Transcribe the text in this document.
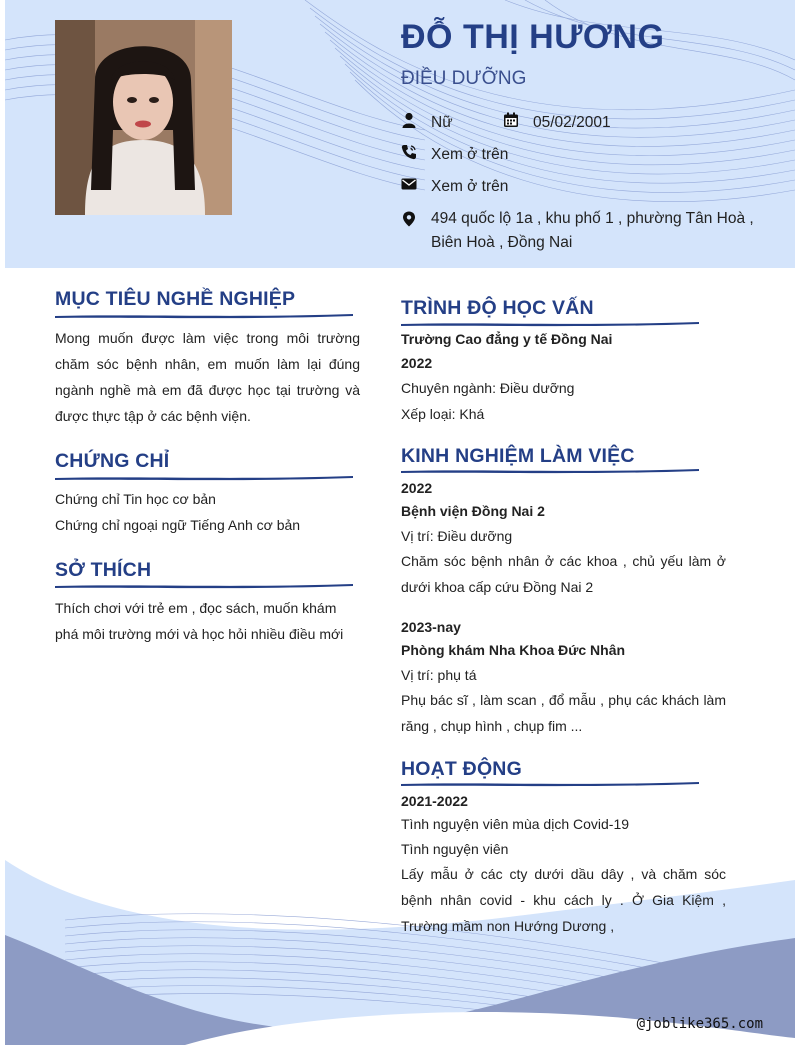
ĐỖ THỊ HƯƠNG
ĐIỀU DƯỠNG
Nữ	05/02/2001
Xem ở trên
Xem ở trên
494 quốc lộ 1a , khu phố 1 , phường Tân Hoà ,
Biên Hoà , Đồng Nai
MỤC TIÊU NGHỀ NGHIỆP
Mong muốn được làm việc trong môi trường chăm sóc bệnh nhân, em muốn làm lại đúng ngành nghề mà em đã được học tại trường và được thực tập ở các bệnh viện.
CHỨNG CHỈ
Chứng chỉ Tin học cơ bản
Chứng chỉ ngoại ngữ Tiếng Anh cơ bản
SỞ THÍCH
Thích chơi với trẻ em , đọc sách, muốn khám phá môi trường mới và học hỏi nhiều điều mới
TRÌNH ĐỘ HỌC VẤN
Trường Cao đẳng y tế Đồng Nai
2022
Chuyên ngành: Điều dưỡng
Xếp loại: Khá
KINH NGHIỆM LÀM VIỆC
2022
Bệnh viện Đồng Nai 2
Vị trí: Điều dưỡng
Chăm sóc bệnh nhân ở các khoa , chủ yếu làm ở dưới khoa cấp cứu Đồng Nai 2
2023-nay
Phòng khám Nha Khoa Đức Nhân
Vị trí: phụ tá
Phụ bác sĩ , làm scan , đổ mẫu , phụ các khách làm răng , chụp hình , chụp fim ...
HOẠT ĐỘNG
2021-2022
Tình nguyện viên mùa dịch Covid-19
Tình nguyện viên
Lấy mẫu ở các cty dưới dầu dây , và chăm sóc bệnh nhân covid - khu cách ly . Ở Gia Kiệm , Trường mầm non Hướng Dương ,
@joblike365.com
